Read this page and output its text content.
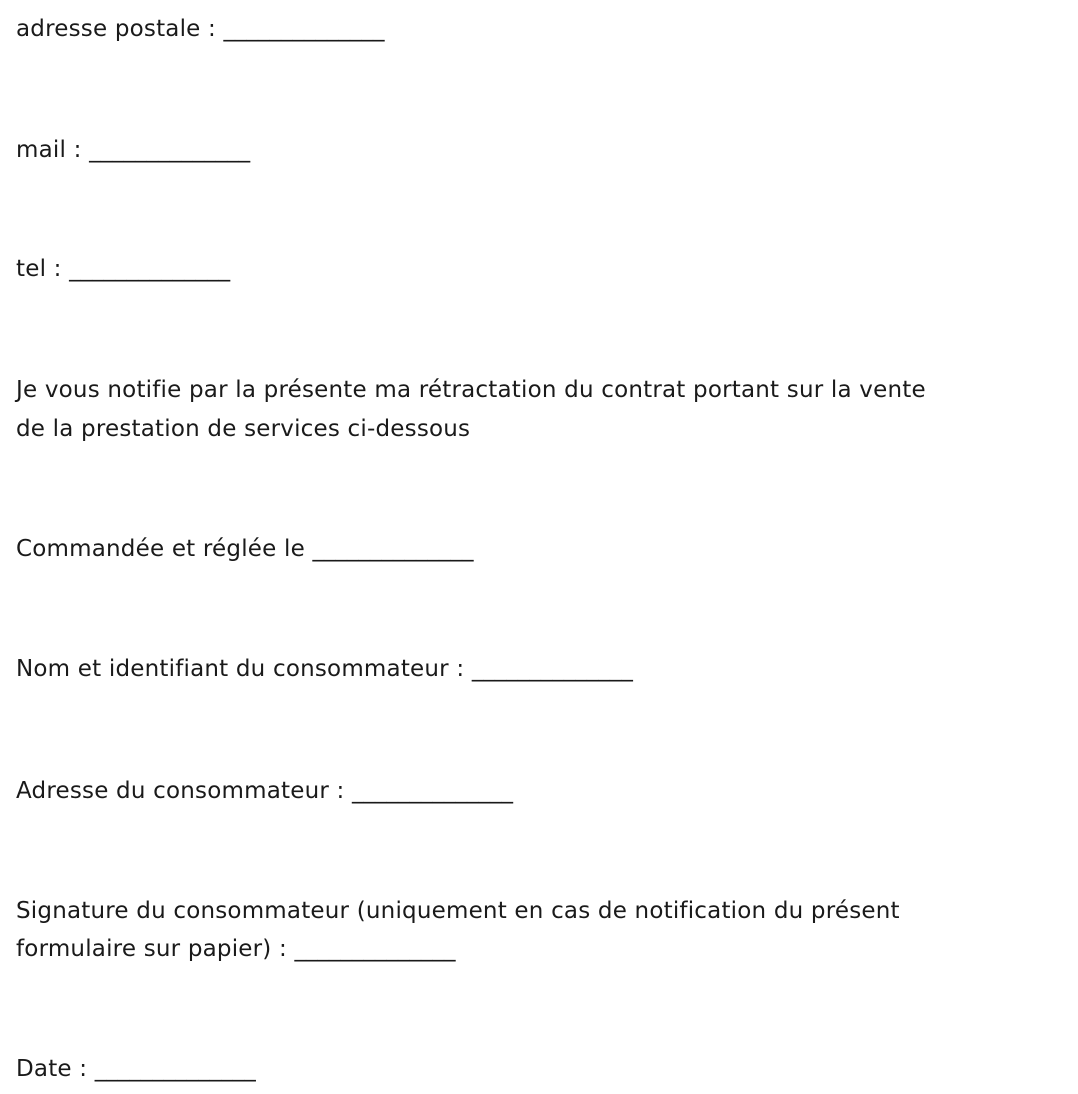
adresse postale : ______________

mail : ______________

tel : ______________

Je vous notifie par la présente ma rétractation du contrat portant sur la vente

de la prestation de services ci-dessous

Commandée et réglée le ______________

Nom et identifiant du consommateur : ______________

Adresse du consommateur : ______________

Signature du consommateur (uniquement en cas de notification du présent

formulaire sur papier) : ______________

Date : ______________
